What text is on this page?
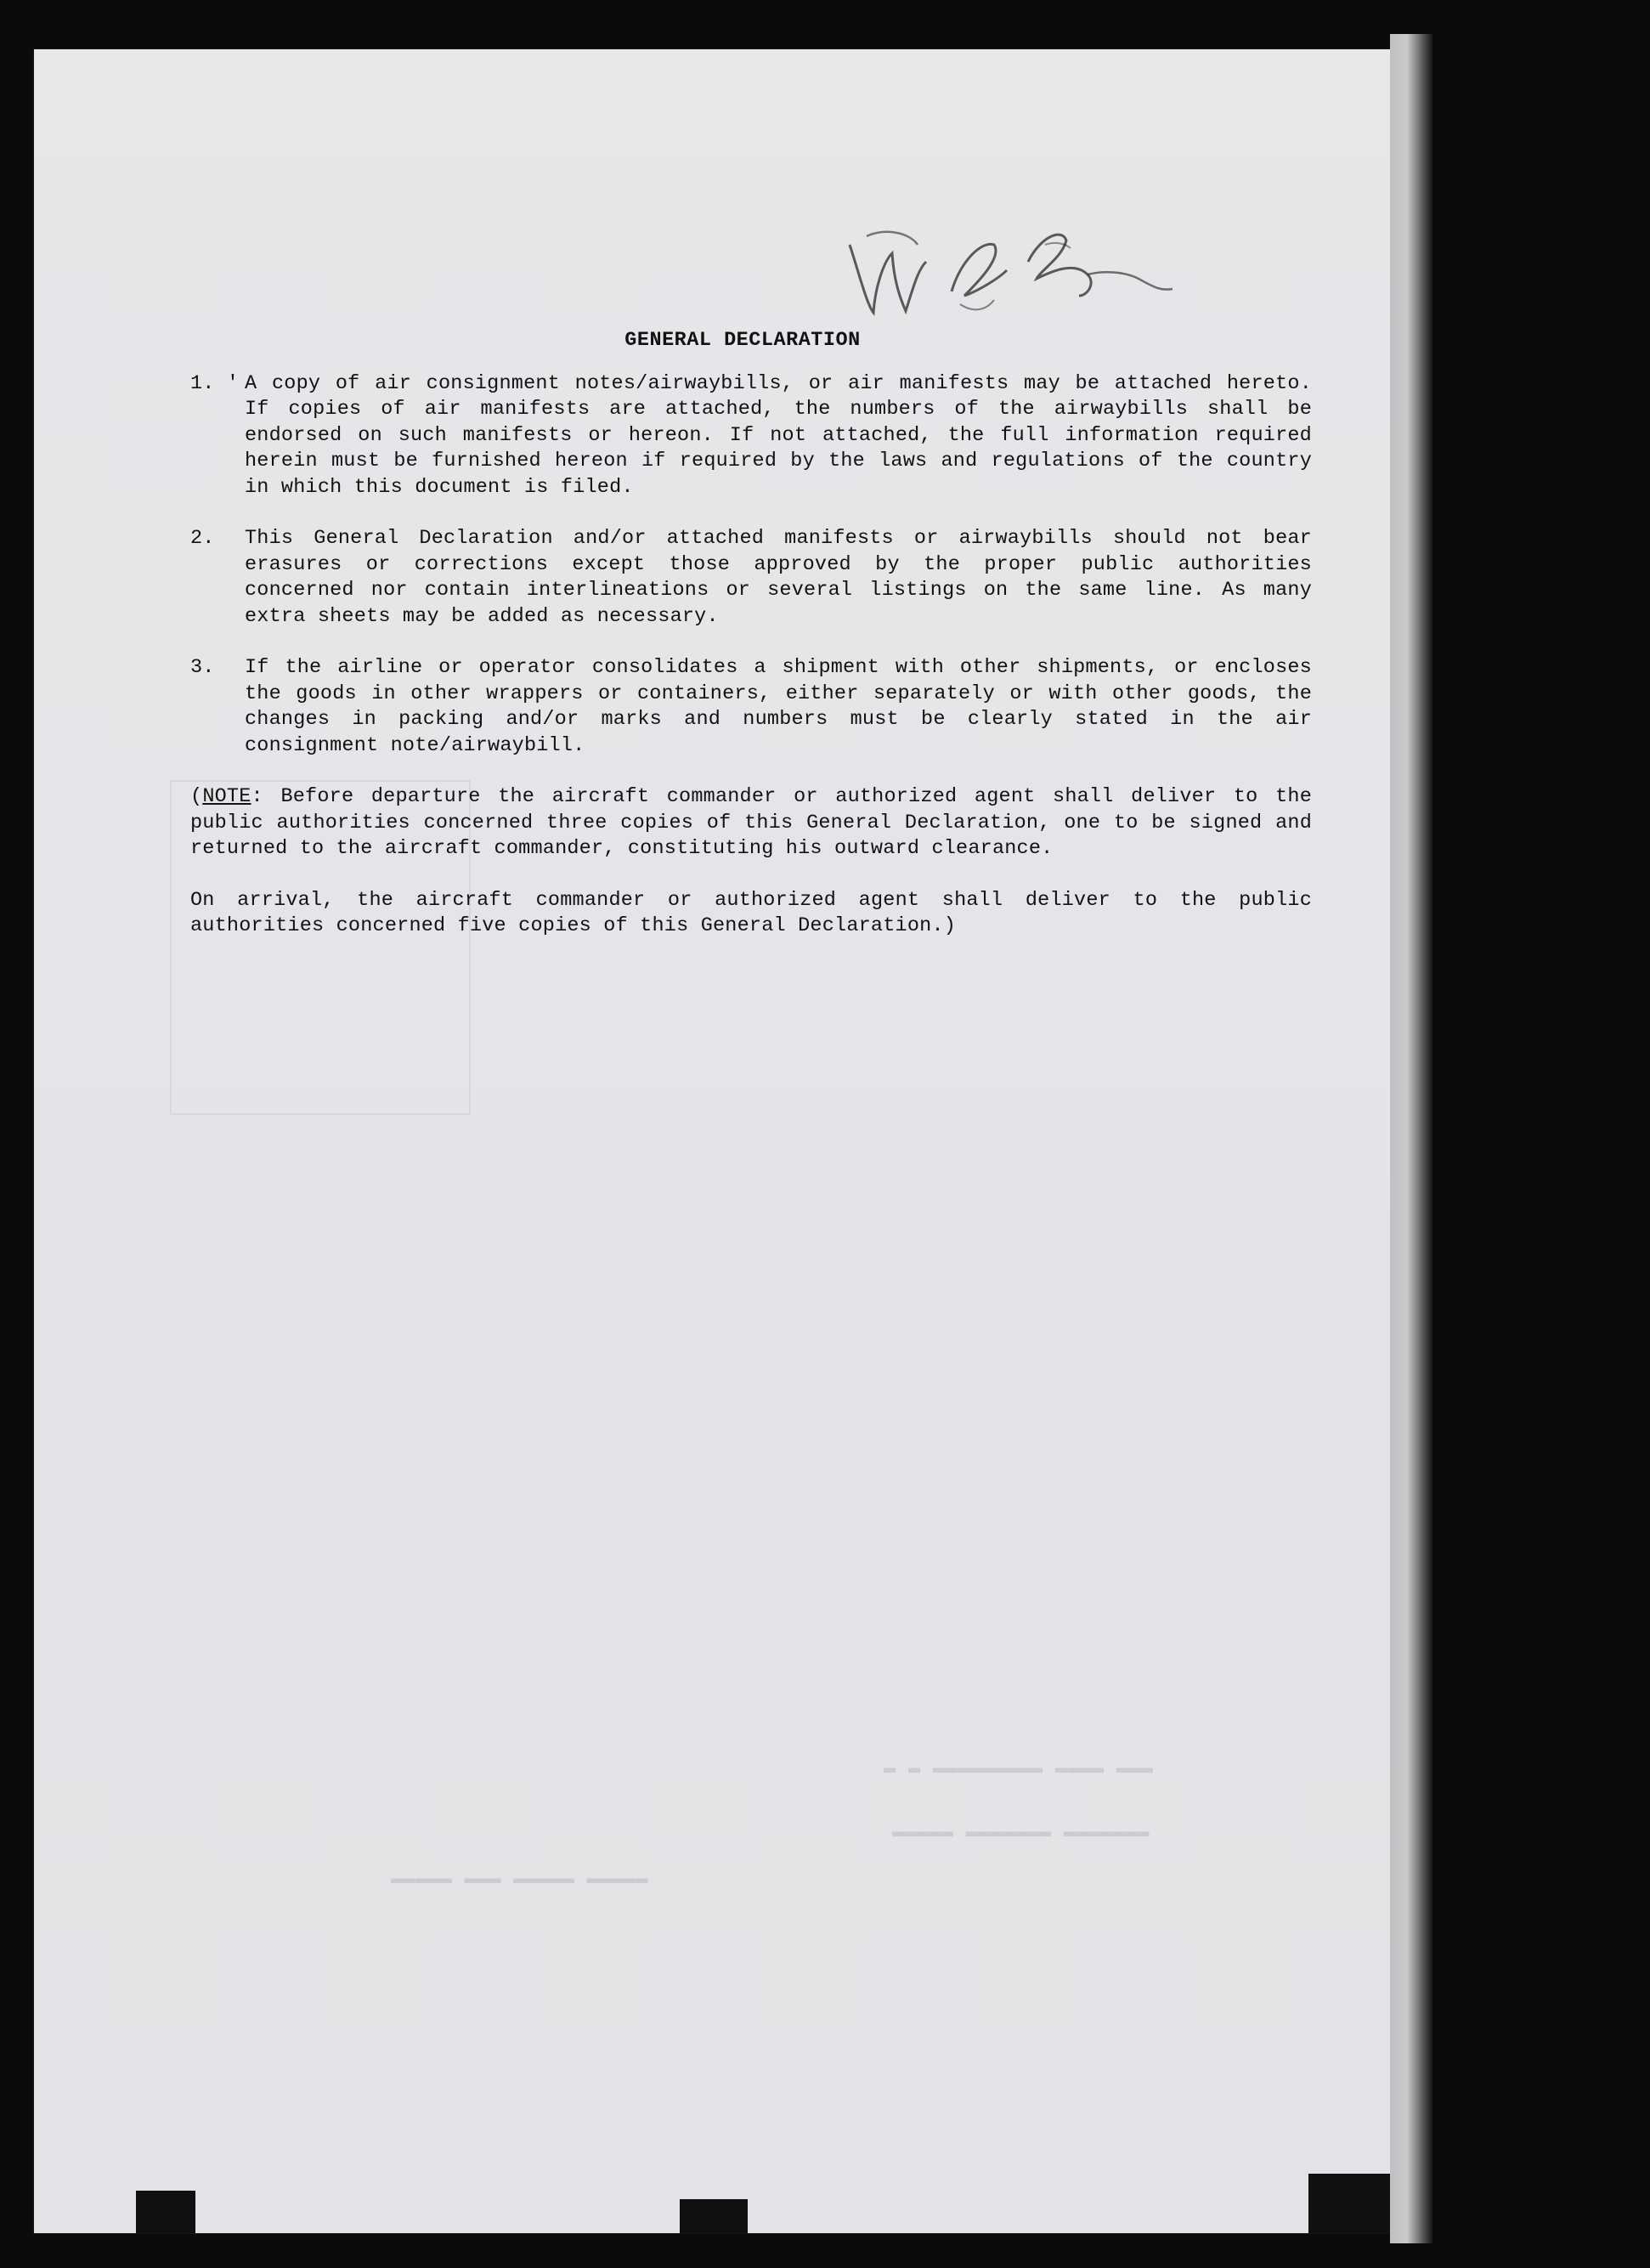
▬▬▬ ▬▬▬▬ ▬▬▬▬▬▬▬▬▬ ▬ ▬
▬▬▬▬▬▬▬ ▬▬▬▬▬▬▬ ▬▬▬▬▬
▬▬▬▬▬ ▬▬▬▬▬ ▬▬▬ ▬▬▬▬▬
GENERAL DECLARATION
1. ' A copy of air consignment notes/airwaybills, or air manifests may be attached hereto. If copies of air manifests are attached, the numbers of the airwaybills shall be endorsed on such manifests or hereon. If not attached, the full information required herein must be furnished hereon if required by the laws and regulations of the country in which this document is filed.
2.	This General Declaration and/or attached manifests or airwaybills should not bear erasures or corrections except those approved by the proper public authorities concerned nor contain interlineations or several listings on the same line. As many extra sheets may be added as necessary.
3.	If the airline or operator consolidates a shipment with other shipments, or encloses the goods in other wrappers or containers, either separately or with other goods, the changes in packing and/or marks and numbers must be clearly stated in the air consignment note/airwaybill.
(NOTE: Before departure the aircraft commander or authorized agent shall deliver to the public authorities concerned three copies of this General Declaration, one to be signed and returned to the aircraft commander, constituting his outward clearance.
On arrival, the aircraft commander or authorized agent shall deliver to the public authorities concerned five copies of this General Declaration.)
